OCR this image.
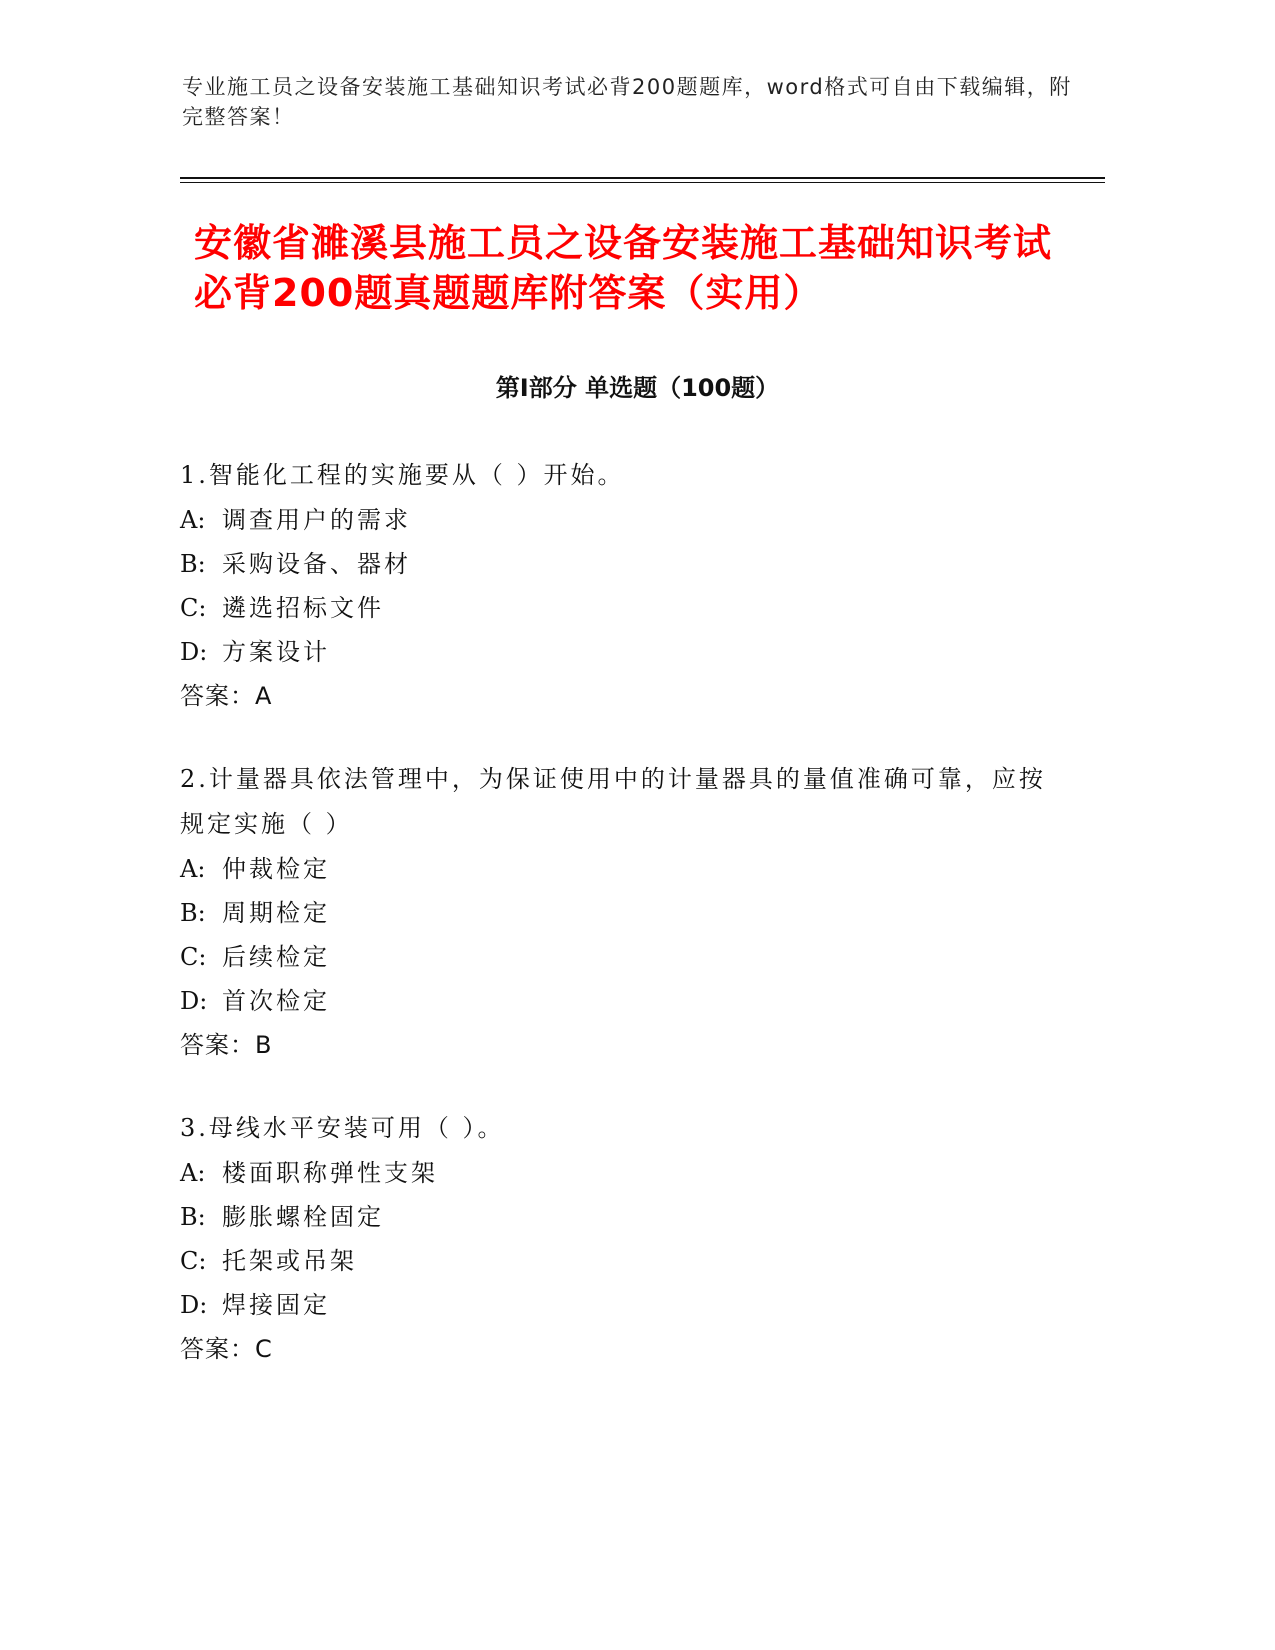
专业施工员之设备安装施工基础知识考试必背200题题库，word格式可自由下载编辑，附完整答案！
安徽省濉溪县施工员之设备安装施工基础知识考试必背200题真题题库附答案（实用）
第Ⅰ部分 单选题（100题）
1.智能化工程的实施要从（ ）开始。
A: 调查用户的需求
B: 采购设备、器材
C: 遴选招标文件
D: 方案设计
答案：A
2.计量器具依法管理中，为保证使用中的计量器具的量值准确可靠，应按规定实施（ ）
A: 仲裁检定
B: 周期检定
C: 后续检定
D: 首次检定
答案：B
3.母线水平安装可用（ ）。
A: 楼面职称弹性支架
B: 膨胀螺栓固定
C: 托架或吊架
D: 焊接固定
答案：C
